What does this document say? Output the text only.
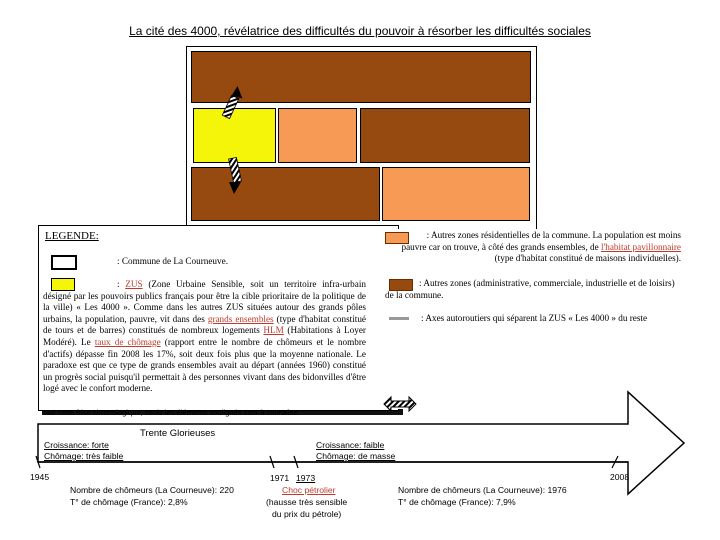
La cité des 4000, révélatrice des difficultés du pouvoir à résorber les difficultés sociales
LEGENDE:
: Commune de La Courneuve.
: ZUS (Zone Urbaine Sensible, soit un territoire infra-urbain désigné par les pouvoirs publics français pour être la cible prioritaire de la politique de la ville) « Les 4000 ». Comme dans les autres ZUS situées autour des grands pôles urbains, la population, pauvre, vit dans des grands ensembles (type d'habitat constitué de tours et de barres) constitués de nombreux logements HLM (Habitations à Loyer Modéré). Le taux de chômage (rapport entre le nombre de chômeurs et le nombre d'actifs) dépasse fin 2008 les 17%, soit deux fois plus que la moyenne nationale. Le paradoxe est que ce type de grands ensembles avait au départ (années 1960) constitué un progrès social puisqu'il permettait à des personnes vivant dans des bidonvilles d'être logé avec le confort moderne.
: Autres zones résidentielles de la commune. La population est moins pauvre car on trouve, à côté des grands ensembles, de l'habitat pavillonnaire (type d'habitat constitué de maisons individuelles).
: Autres zones (administrative, commerciale, industrielle et de loisirs) de la commune.
: Axes autoroutiers qui séparent la ZUS « Les 4000 » du reste
Sur cette frise chronologique, seuls les éléments soulignés sont à connaître.
Trente Glorieuses
Croissance: forte
Chômage: très faible
Croissance: faible
Chômage: de masse
1945	2008
1971 1973
Choc pétrolier
(hausse très sensible
du prix du pétrole)
Nombre de chômeurs (La Courneuve): 220
T° de chômage (France): 2,8%
Nombre de chômeurs (La Courneuve): 1976
T° de chômage (France): 7,9%
